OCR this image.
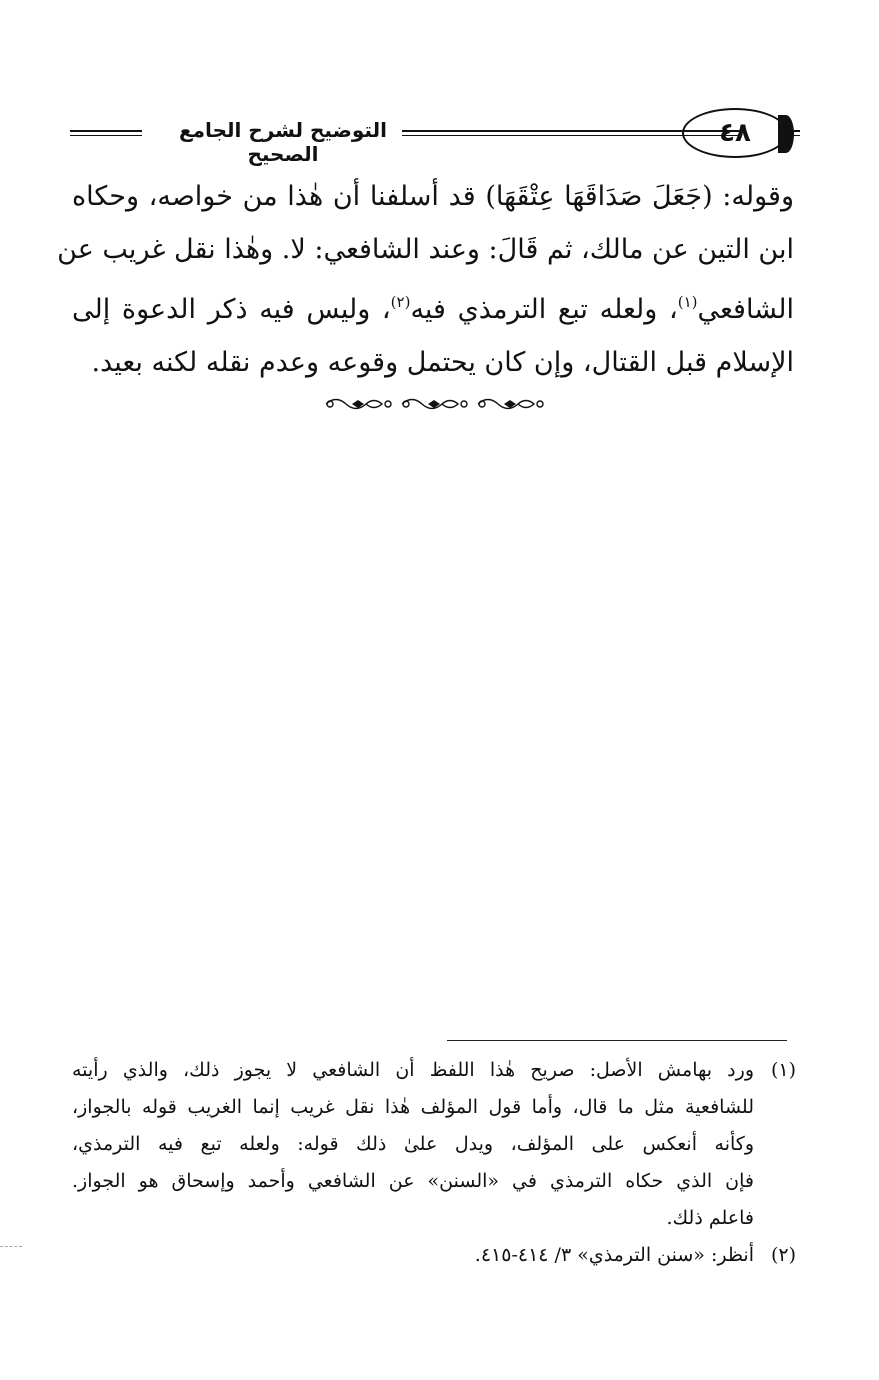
التوضيح لشرح الجامع الصحيح
٤٨
وقوله: (جَعَلَ صَدَاقَهَا عِتْقَهَا) قد أسلفنا أن هٰذا من خواصه، وحكاه
ابن التين عن مالك، ثم قَالَ: وعند الشافعي: لا. وهٰذا نقل غريب عن
الشافعي$^{(١)}$، ولعله تبع الترمذي فيه$^{(٢)}$، وليس فيه ذكر الدعوة إلى
الإسلام قبل القتال، وإن كان يحتمل وقوعه وعدم نقله لكنه بعيد.
(١)
ورد بهامش الأصل: صريح هٰذا اللفظ أن الشافعي لا يجوز ذلك، والذي رأيته
للشافعية مثل ما قال، وأما قول المؤلف هٰذا نقل غريب إنما الغريب قوله بالجواز،
وكأنه أنعكس على المؤلف، ويدل علىٰ ذلك قوله: ولعله تبع فيه الترمذي،
فإن الذي حكاه الترمذي في «السنن» عن الشافعي وأحمد وإسحاق هو الجواز.
فاعلم ذلك.
(٢)
أنظر: «سنن الترمذي» ٣/ ٤١٤-٤١٥.
